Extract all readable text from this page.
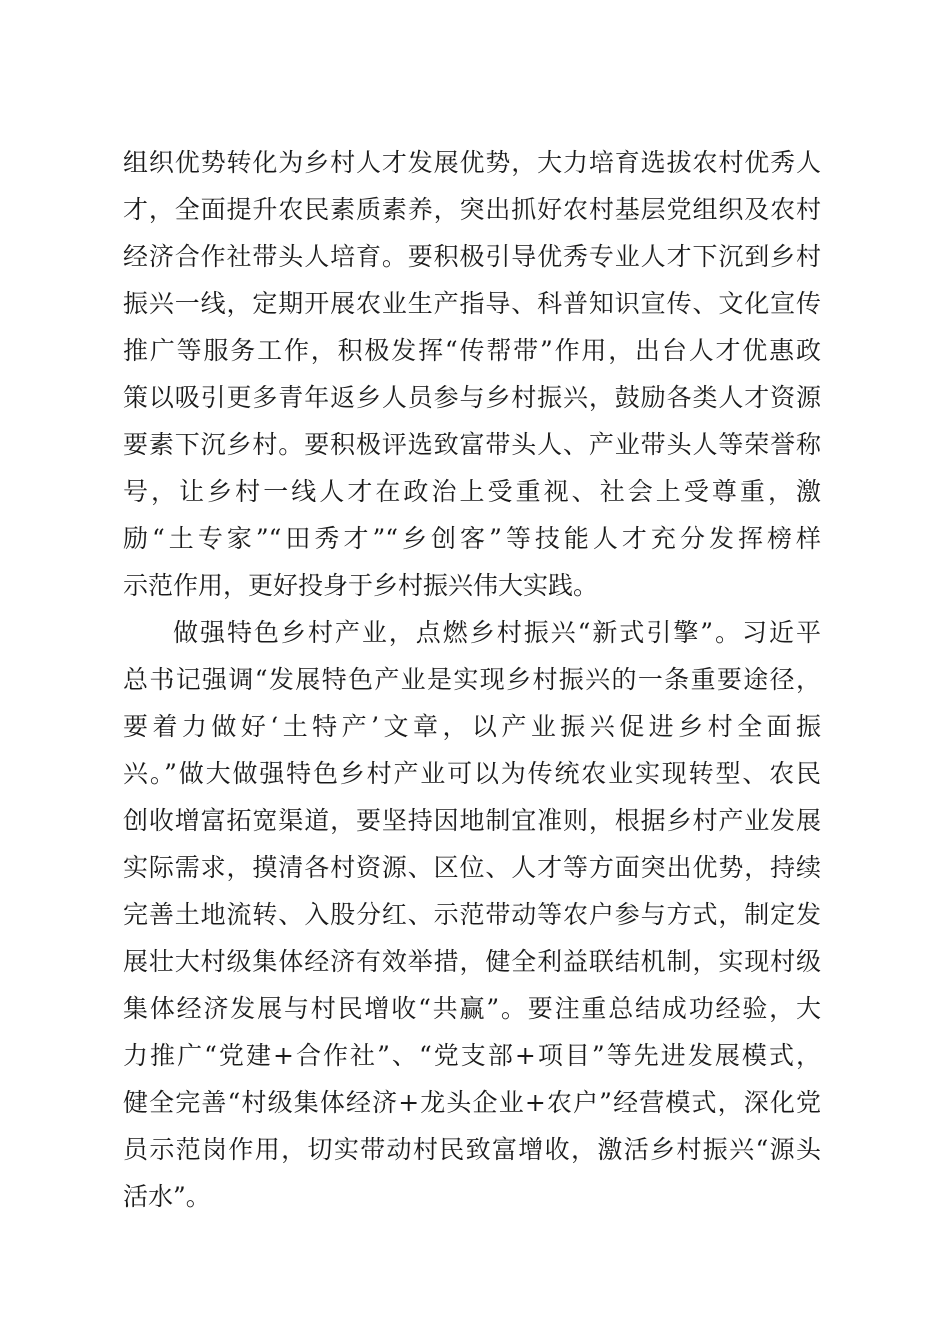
组织优势转化为乡村人才发展优势，大力培育选拔农村优秀人
才，全面提升农民素质素养，突出抓好农村基层党组织及农村
经济合作社带头人培育。要积极引导优秀专业人才下沉到乡村
振兴一线，定期开展农业生产指导、科普知识宣传、文化宣传
推广等服务工作，积极发挥“传帮带”作用，出台人才优惠政
策以吸引更多青年返乡人员参与乡村振兴，鼓励各类人才资源
要素下沉乡村。要积极评选致富带头人、产业带头人等荣誉称
号，让乡村一线人才在政治上受重视、社会上受尊重，激
励“土专家”“田秀才”“乡创客”等技能人才充分发挥榜样
示范作用，更好投身于乡村振兴伟大实践。
做强特色乡村产业，点燃乡村振兴“新式引擎”。习近平
总书记强调“发展特色产业是实现乡村振兴的一条重要途径，
要着力做好‘土特产’文章，以产业振兴促进乡村全面振
兴。”做大做强特色乡村产业可以为传统农业实现转型、农民
创收增富拓宽渠道，要坚持因地制宜准则，根据乡村产业发展
实际需求，摸清各村资源、区位、人才等方面突出优势，持续
完善土地流转、入股分红、示范带动等农户参与方式，制定发
展壮大村级集体经济有效举措，健全利益联结机制，实现村级
集体经济发展与村民增收“共赢”。要注重总结成功经验，大
力推广“党建+合作社”、“党支部+项目”等先进发展模式，
健全完善“村级集体经济+龙头企业+农户”经营模式，深化党
员示范岗作用，切实带动村民致富增收，激活乡村振兴“源头
活水”。
